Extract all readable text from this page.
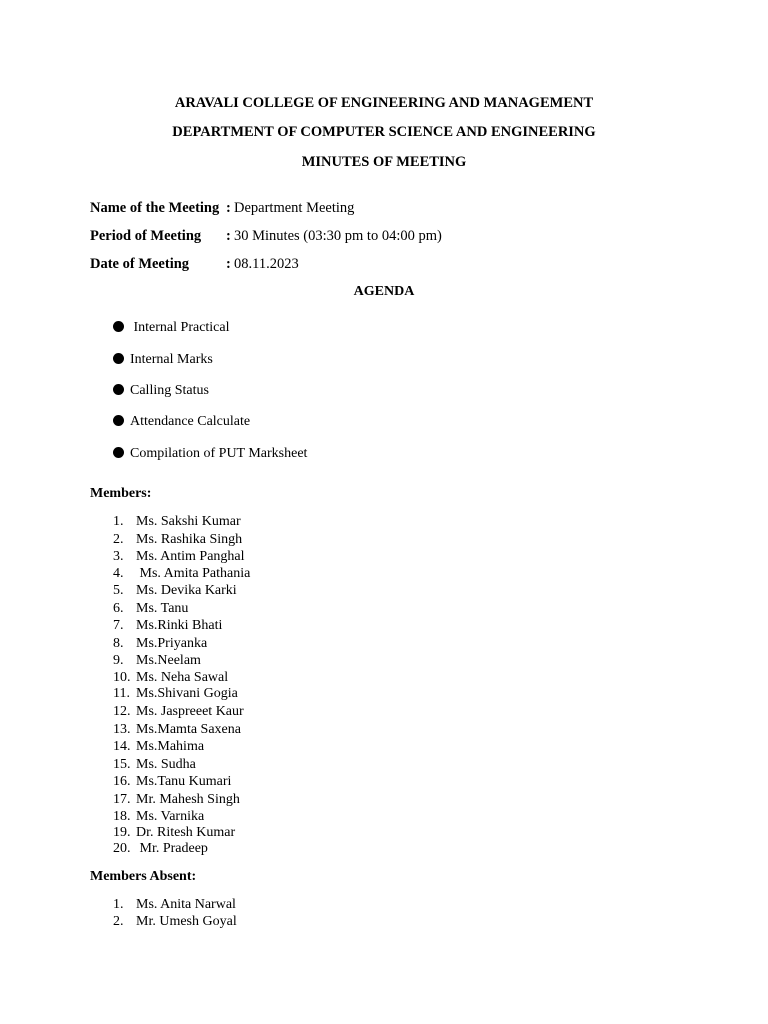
ARAVALI COLLEGE OF ENGINEERING AND MANAGEMENT
DEPARTMENT OF COMPUTER SCIENCE AND ENGINEERING
MINUTES OF MEETING
Name of the Meeting : Department Meeting
Period of Meeting : 30 Minutes (03:30 pm to 04:00 pm)
Date of Meeting	: 08.11.2023
AGENDA
Internal Practical
Internal Marks
Calling Status
Attendance Calculate
Compilation of PUT Marksheet
Members:
1. Ms. Sakshi Kumar
2. Ms. Rashika Singh
3. Ms. Antim Panghal
4. Ms. Amita Pathania
5. Ms. Devika Karki
6. Ms. Tanu
7. Ms.Rinki Bhati
8. Ms.Priyanka
9. Ms.Neelam
10. Ms. Neha Sawal
11. Ms.Shivani Gogia
12. Ms. Jaspreeet Kaur
13. Ms.Mamta Saxena
14. Ms.Mahima
15. Ms. Sudha
16. Ms.Tanu Kumari
17. Mr. Mahesh Singh
18. Ms. Varnika
19. Dr. Ritesh Kumar
20. Mr. Pradeep
Members Absent:
1. Ms. Anita Narwal
2. Mr. Umesh Goyal
